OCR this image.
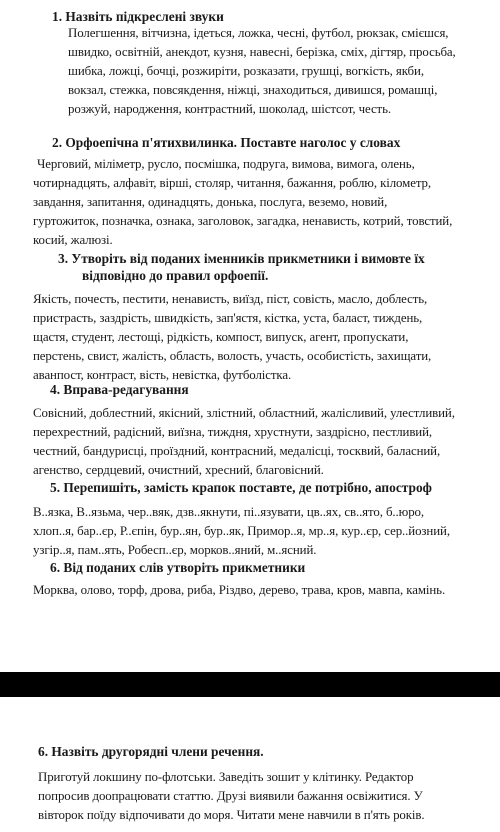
1. Назвіть підкреслені звуки
Полегшення, вітчизна, ідеться, ложка, чесні, футбол, рюкзак, смієшся,
швидко, освітній, анекдот, кузня, навесні, берізка, сміх, дігтяр, просьба,
шибка, ложці, бочці, розжиріти, розказати, грушці, вогкість, якби,
вокзал, стежка, повсякдення, ніжці, знаходиться, дивишся, ромашці,
розжуй, народження, контрастний, шоколад, шістсот, честь.
2. Орфоепічна п'ятихвилинка. Поставте наголос у словах
Черговий, міліметр, русло, посмішка, подруга, вимова, вимога, олень,
чотирнадцять, алфавіт, вірші, столяр, читання, бажання, роблю, кілометр,
завдання, запитання, одинадцять, донька, послуга, веземо, новий,
гуртожиток, позначка, ознака, заголовок, загадка, ненависть, котрий, товстий,
косий, жалюзі.
3. Утворіть від поданих іменників прикметники і вимовте їх
відповідно до правил орфоепії.
Якість, почесть, пестити, ненависть, виїзд, піст, совість, масло, доблесть,
пристрасть, заздрість, швидкість, зап'ястя, кістка, уста, баласт, тиждень,
щастя, студент, лестощі, рідкість, компост, випуск, агент, пропускати,
перстень, свист, жалість, область, волость, участь, особистість, захищати,
аванпост, контраст, вість, невістка, футболістка.
4. Вправа-редагування
Совісний, доблестний, якісний, злістний, областний, жалісливий, улестливий,
перехрестний, радісний, виїзна, тиждня, хрустнути, заздрісно, пестливий,
честний, бандурисці, проїздний, контрасний, медалісці, тосквий, баласний,
агенство, сердцевий, очистний, хресний, благовісний.
5. Перепишіть, замість крапок поставте, де потрібно, апостроф
В..язка, В..язьма, чер..вяк, дзв..якнути, пі..язувати, цв..ях, св..ято, б..юро,
хлоп..я, бар..єр, Р..єпін, бур..ян, бур..як, Примор..я, мр..я, кур..єр, сер..йозний,
узгір..я, пам..ять, Робесп..єр, морков..яний, м..ясний.
6. Від поданих слів утворіть прикметники
Морква, олово, торф, дрова, риба, Різдво, дерево, трава, кров, мавпа, камінь.
6. Назвіть другорядні члени речення.
Приготуй локшину по-флотськи. Заведіть зошит у клітинку. Редактор
попросив доопрацювати статтю. Друзі виявили бажання освіжитися. У
вівторок поїду відпочивати до моря. Читати мене навчили в п'ять років.
